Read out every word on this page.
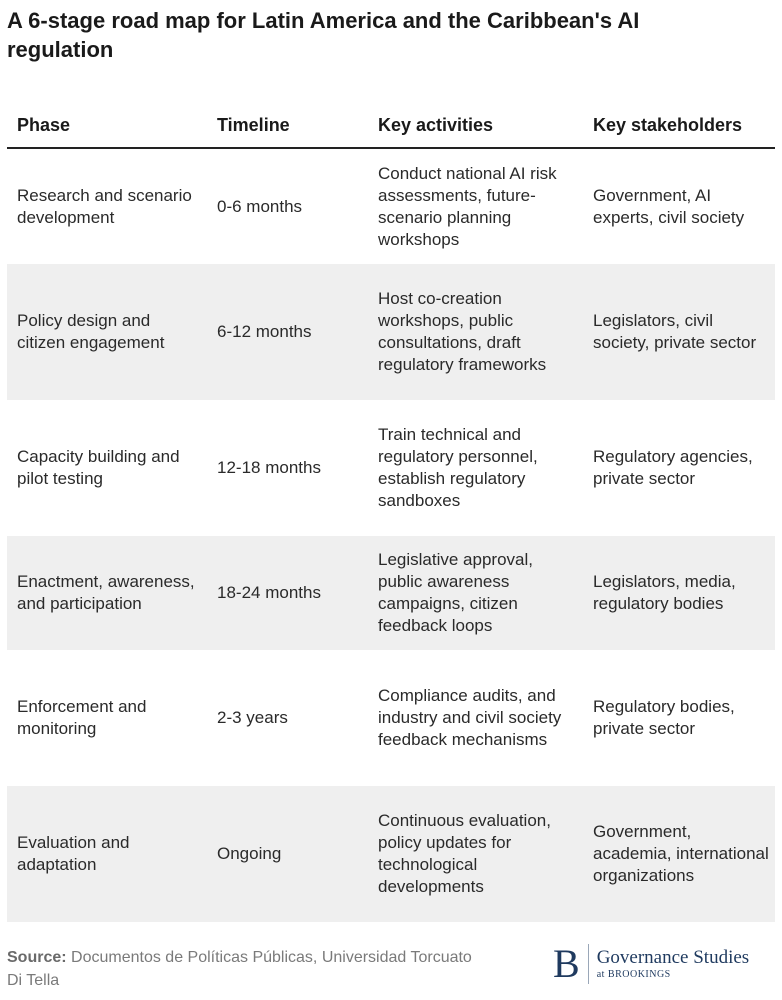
A 6-stage road map for Latin America and the Caribbean's AI regulation
Phase	Timeline	Key activities	Key stakeholders
Research and scenario development	0-6 months	Conduct national AI risk assessments, future-scenario planning workshops	Government, AI experts, civil society
Policy design and citizen engagement	6-12 months	Host co-creation workshops, public consultations, draft regulatory frameworks	Legislators, civil society, private sector
Capacity building and pilot testing	12-18 months	Train technical and regulatory personnel, establish regulatory sandboxes	Regulatory agencies, private sector
Enactment, awareness, and participation	18-24 months	Legislative approval, public awareness campaigns, citizen feedback loops	Legislators, media, regulatory bodies
Enforcement and monitoring	2-3 years	Compliance audits, and industry and civil society feedback mechanisms	Regulatory bodies, private sector
Evaluation and adaptation	Ongoing	Continuous evaluation, policy updates for technological developments	Government, academia, international organizations
Source: Documentos de Políticas Públicas, Universidad Torcuato Di Tella	B Governance Studies
at BROOKINGS
